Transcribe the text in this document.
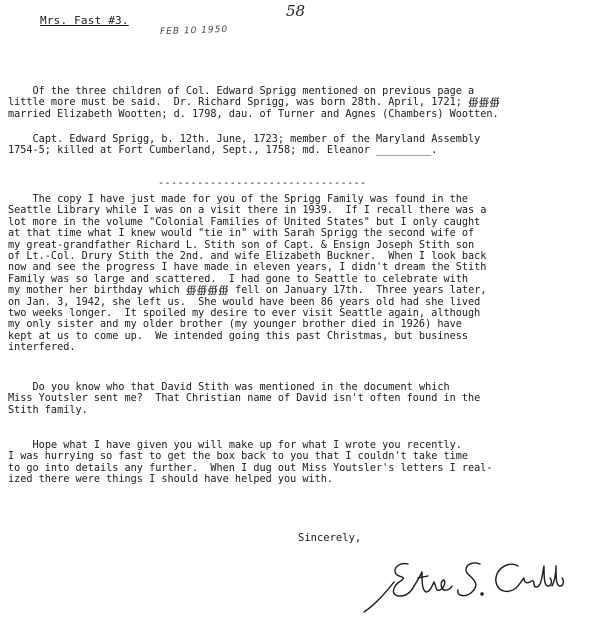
Mrs. Fast #3.
58
FEB 10 1950

Of the three children of Col. Edward Sprigg mentioned on previous page a
little more must be said.  Dr. Richard Sprigg, was born 28th. April, 1721; ∰∰∰
married Elizabeth Wootten; d. 1798, dau. of Turner and Agnes (Chambers) Wootten.

Capt. Edward Sprigg, b. 12th. June, 1723; member of the Maryland Assembly
1754-5; killed at Fort Cumberland, Sept., 1758; md. Eleanor _________.

--------------------------------

The copy I have just made for you of the Sprigg Family was found in the
Seattle Library while I was on a visit there in 1939.  If I recall there was a
lot more in the volume "Colonial Families of United States" but I only caught
at that time what I knew would "tie in" with Sarah Sprigg the second wife of
my great-grandfather Richard L. Stith son of Capt. & Ensign Joseph Stith son
of Lt.-Col. Drury Stith the 2nd. and wife Elizabeth Buckner.  When I look back
now and see the progress I have made in eleven years, I didn't dream the Stith
Family was so large and scattered.  I had gone to Seattle to celebrate with
my mother her birthday which ∰∰∰∰ fell on January 17th.  Three years later,
on Jan. 3, 1942, she left us.  She would have been 86 years old had she lived
two weeks longer.  It spoiled my desire to ever visit Seattle again, although
my only sister and my older brother (my younger brother died in 1926) have
kept at us to come up.  We intended going this past Christmas, but business
interfered.

Do you know who that David Stith was mentioned in the document which
Miss Youtsler sent me?  That Christian name of David isn't often found in the
Stith family.

Hope what I have given you will make up for what I wrote you recently.
I was hurrying so fast to get the box back to you that I couldn't take time
to go into details any further.  When I dug out Miss Youtsler's letters I real-
ized there were things I should have helped you with.

Sincerely,
